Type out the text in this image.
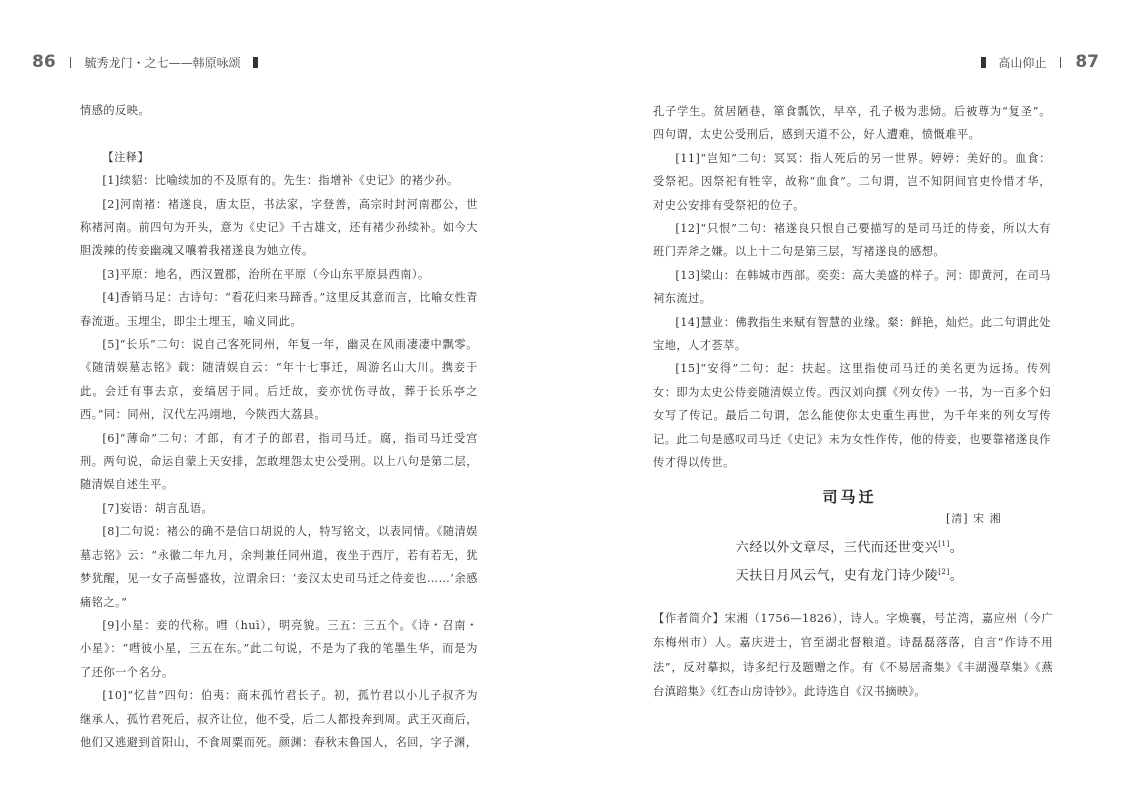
86 毓秀龙门・之七——韩原咏颂

情感的反映。

【注释】

[1]续貂：比喻续加的不及原有的。先生：指增补《史记》的褚少孙。

[2]河南褚：褚遂良，唐太臣，书法家，字登善，高宗时封河南郡公，世称褚河南。前四句为开头，意为《史记》千古雄文，还有褚少孙续补。如今大胆泼辣的传妾幽魂又嚷着我褚遂良为她立传。

[3]平原：地名，西汉置郡，治所在平原（今山东平原县西南）。

[4]香销马足：古诗句：“看花归来马蹄香。”这里反其意而言，比喻女性青春流逝。玉埋尘，即尘土埋玉，喻义同此。

[5]“长乐”二句：说自己客死同州，年复一年，幽灵在风雨凄凄中飘零。《随清娱墓志铭》载：随清娱自云：“年十七事迁，周游名山大川。携妾于此。会迁有事去京，妾缟居于同。后迁故，妾亦忧伤寻故，葬于长乐亭之西。”同：同州，汉代左冯翊地，今陕西大荔县。

[6]“薄命”二句：才郎，有才子的郎君，指司马迁。腐，指司马迁受宫刑。两句说，命运自蒙上天安排，怎敢埋怨太史公受刑。以上八句是第二层，随清娱自述生平。

[7]妄语：胡言乱语。

[8]二句说：褚公的确不是信口胡说的人，特写铭文，以表同情。《随清娱墓志铭》云：“永徽二年九月，余判兼任同州道，夜坐于西厅，若有若无，犹梦犹醒，见一女子高髻盛妆，泣谓余曰：‘妾汉太史司马迁之侍妾也……’余感痛铭之。”

[9]小星：妾的代称。嘒（huì），明亮貌。三五：三五个。《诗・召南・小星》：“嘒彼小星，三五在东。”此二句说，不是为了我的笔墨生华，而是为了还你一个名分。

[10]“忆昔”四句：伯夷：商末孤竹君长子。初，孤竹君以小儿子叔齐为继承人，孤竹君死后，叔齐让位，他不受，后二人都投奔到周。武王灭商后，他们又逃避到首阳山，不食周粟而死。颜渊：春秋末鲁国人，名回，字子渊，

高山仰止 87

孔子学生。贫居陋巷，箪食瓢饮，早卒，孔子极为悲恸。后被尊为“复圣”。四句谓，太史公受刑后，感到天道不公，好人遭难，愤慨难平。

[11]“岂知”二句：冥冥：指人死后的另一世界。婷婷：美好的。血食：受祭祀。因祭祀有牲宰，故称“血食”。二句谓，岂不知阴间官吏怜惜才华，对史公安排有受祭祀的位子。

[12]“只恨”二句：褚遂良只恨自己要描写的是司马迁的侍妾，所以大有班门弄斧之嫌。以上十二句是第三层，写褚遂良的感想。

[13]梁山：在韩城市西部。奕奕：高大美盛的样子。河：即黄河，在司马祠东流过。

[14]慧业：佛教指生来赋有智慧的业缘。粲：鲜艳，灿烂。此二句谓此处宝地，人才荟萃。

[15]“安得”二句：起：扶起。这里指使司马迁的美名更为远扬。传列女：即为太史公侍妾随清娱立传。西汉刘向撰《列女传》一书，为一百多个妇女写了传记。最后二句谓，怎么能使你太史重生再世，为千年来的列女写传记。此二句是感叹司马迁《史记》未为女性作传，他的侍妾，也要靠褚遂良作传才得以传世。

司马迁
[清] 宋 湘
六经以外文章尽，三代而还世变兴[1]。
天扶日月风云气，史有龙门诗少陵[2]。
【作者简介】宋湘（1756—1826），诗人。字焕襄，号芷湾，嘉应州（今广东梅州市）人。嘉庆进士，官至湖北督粮道。诗磊磊落落，自言“作诗不用法”，反对摹拟，诗多纪行及题赠之作。有《不易居斋集》《丰湖漫草集》《燕台滇踣集》《红杏山房诗钞》。此诗选自《汉书摘映》。
